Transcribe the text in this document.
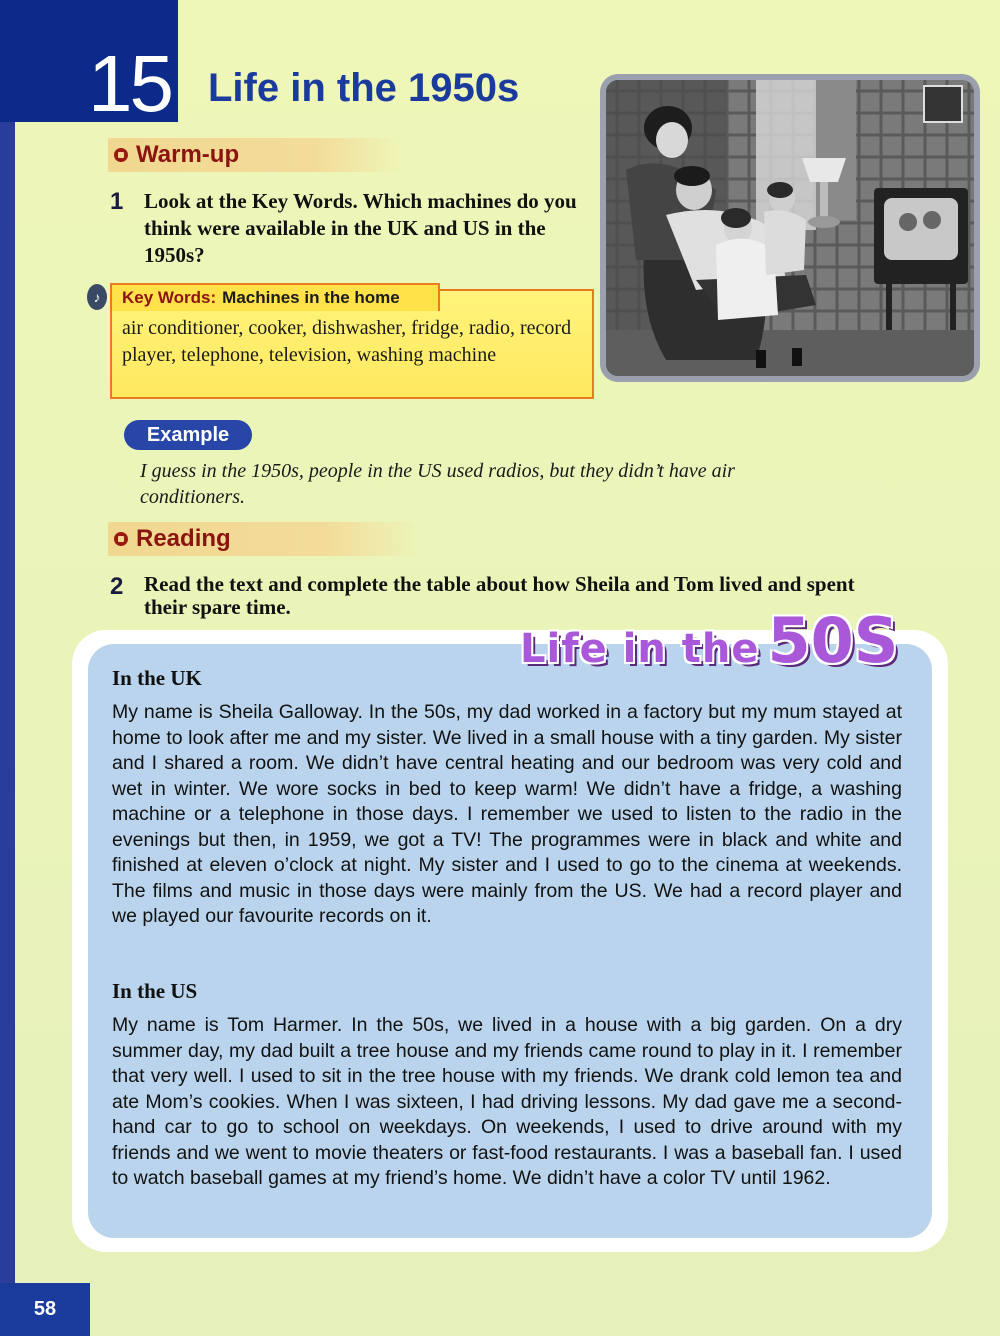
15 Life in the 1950s
Warm-up
1 Look at the Key Words. Which machines do you think were available in the UK and US in the 1950s?
♪	Key Words: Machines in the home
air conditioner, cooker, dishwasher, fridge, radio, record player, telephone, television, washing machine
Example
I guess in the 1950s, people in the US used radios, but they didn’t have air conditioners.
Reading
2 Read the text and complete the table about how Sheila and Tom lived and spent their spare time.
Life in the 50S
In the UK
My name is Sheila Galloway. In the 50s, my dad worked in a factory but my mum stayed at home to look after me and my sister. We lived in a small house with a tiny garden. My sister and I shared a room. We didn’t have central heating and our bedroom was very cold and wet in winter. We wore socks in bed to keep warm! We didn’t have a fridge, a washing machine or a telephone in those days. I remember we used to listen to the radio in the evenings but then, in 1959, we got a TV! The programmes were in black and white and finished at eleven o’clock at night. My sister and I used to go to the cinema at weekends. The films and music in those days were mainly from the US. We had a record player and we played our favourite records on it.
In the US
My name is Tom Harmer. In the 50s, we lived in a house with a big garden. On a dry summer day, my dad built a tree house and my friends came round to play in it. I remember that very well. I used to sit in the tree house with my friends. We drank cold lemon tea and ate Mom’s cookies. When I was sixteen, I had driving lessons. My dad gave me a second-hand car to go to school on weekdays. On weekends, I used to drive around with my friends and we went to movie theaters or fast-food restaurants. I was a baseball fan. I used to watch baseball games at my friend’s home. We didn’t have a color TV until 1962.
58
